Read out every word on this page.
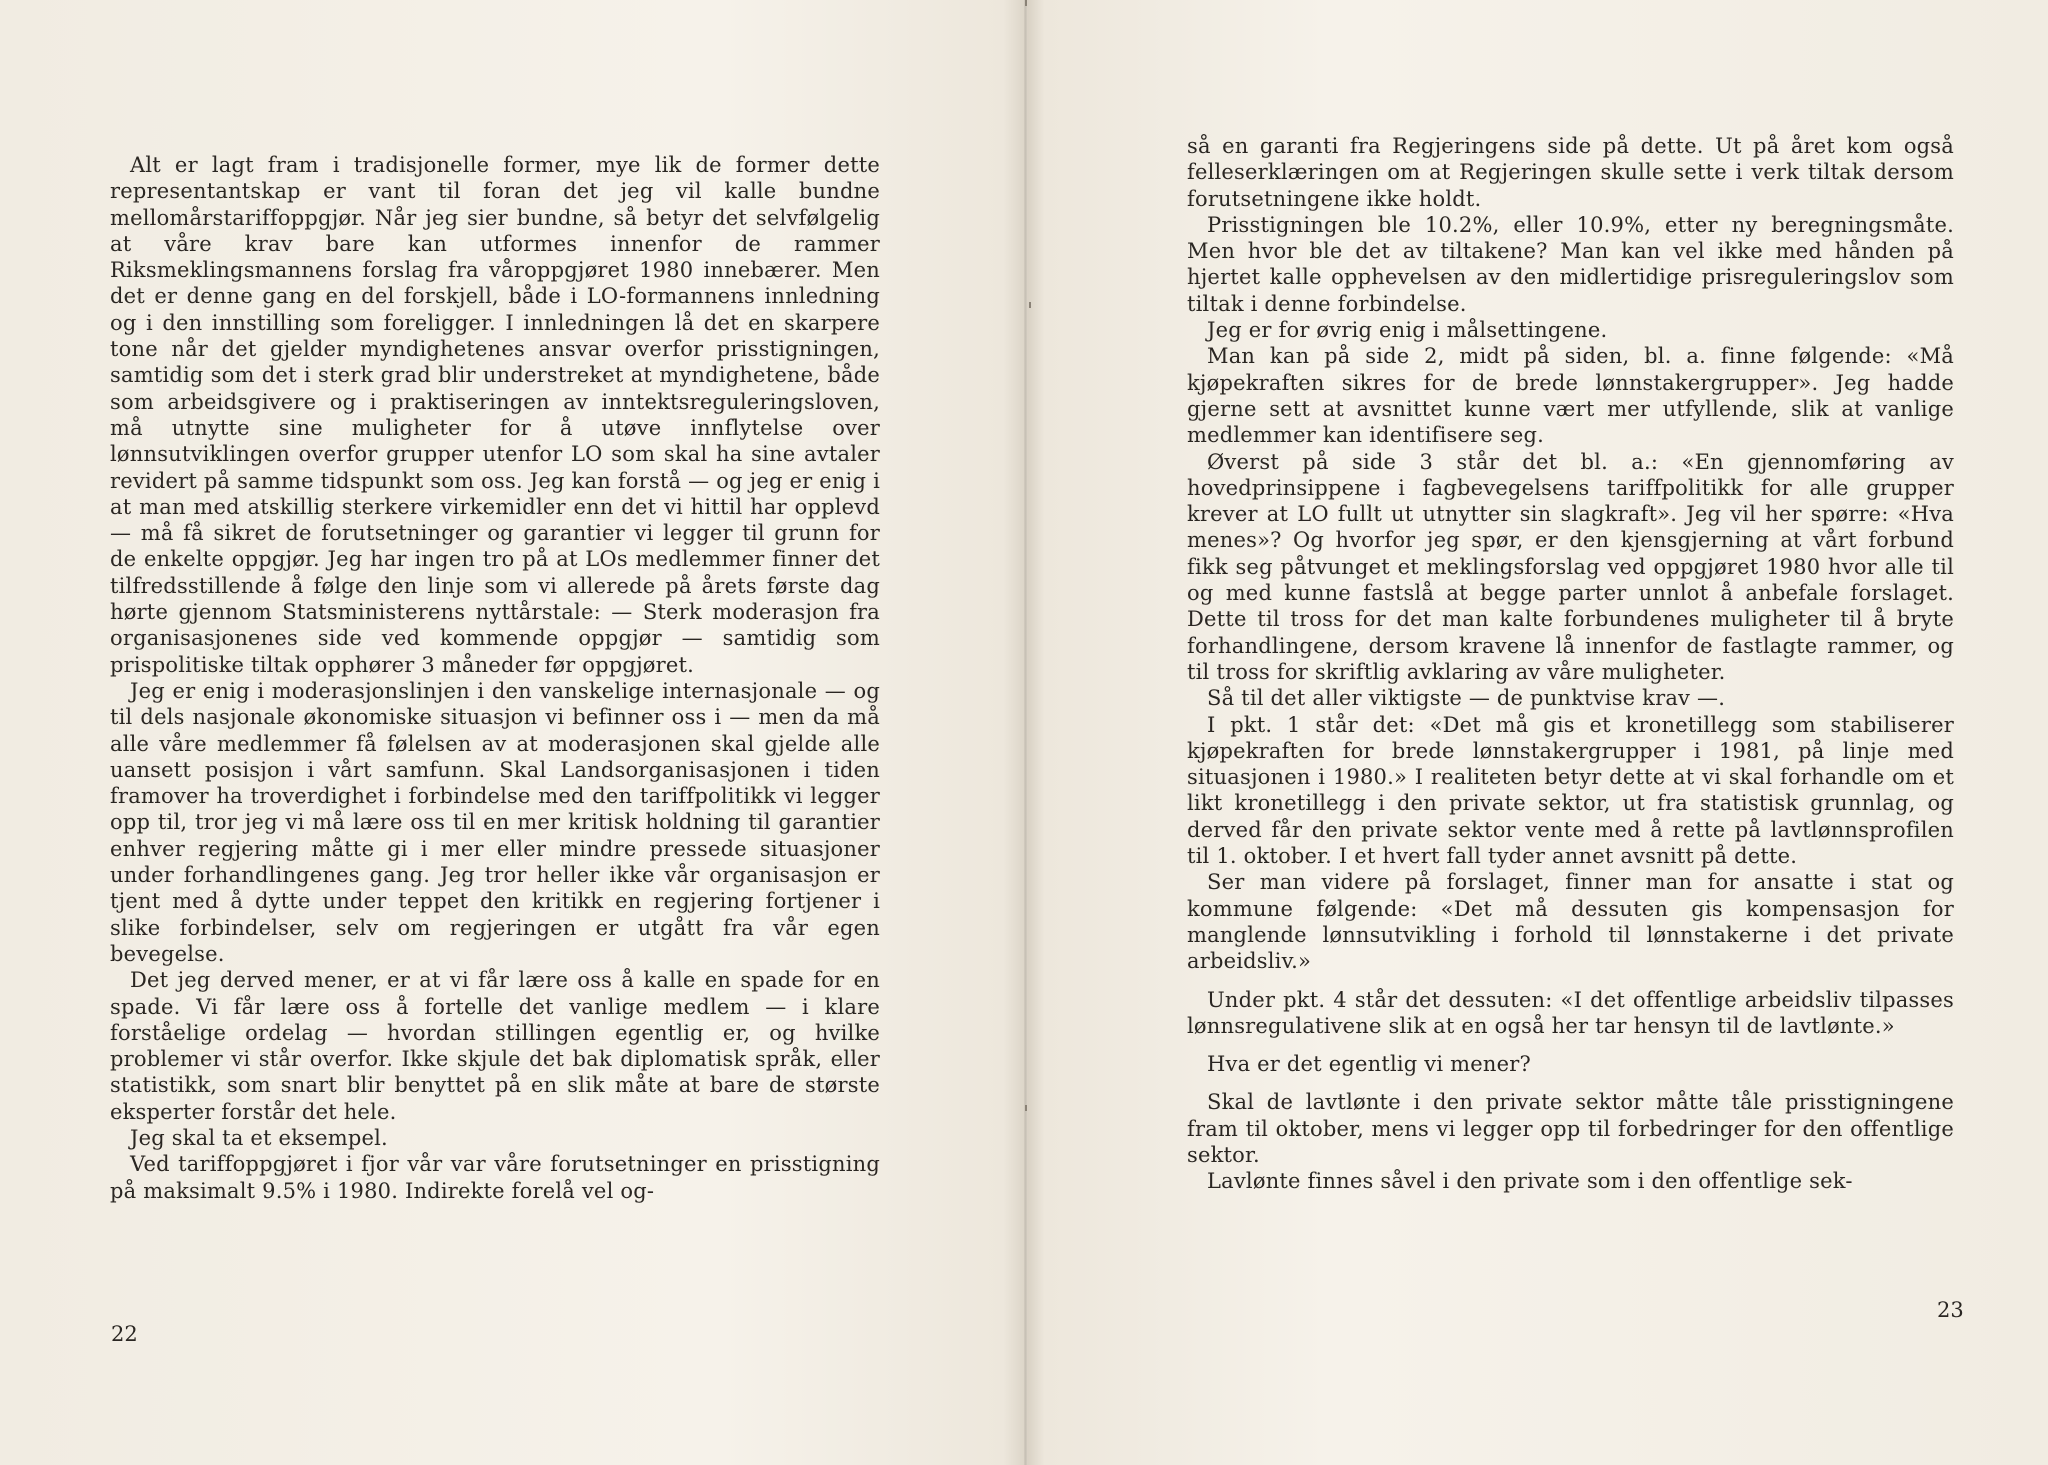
Alt er lagt fram i tradisjonelle former, mye lik de former dette representantskap er vant til foran det jeg vil kalle bundne mellomårstariffoppgjør. Når jeg sier bundne, så betyr det selvfølgelig at våre krav bare kan utformes innenfor de rammer Riksmeklingsmannens forslag fra våroppgjøret 1980 innebærer. Men det er denne gang en del forskjell, både i LO-formannens innledning og i den innstilling som foreligger. I innledningen lå det en skarpere tone når det gjelder myndighetenes ansvar overfor prisstigningen, samtidig som det i sterk grad blir understreket at myndighetene, både som arbeidsgivere og i praktiseringen av inntektsreguleringsloven, må utnytte sine muligheter for å utøve innflytelse over lønnsutviklingen overfor grupper utenfor LO som skal ha sine avtaler revidert på samme tidspunkt som oss. Jeg kan forstå — og jeg er enig i at man med atskillig sterkere virkemidler enn det vi hittil har opplevd — må få sikret de forutsetninger og garantier vi legger til grunn for de enkelte oppgjør. Jeg har ingen tro på at LOs medlemmer finner det tilfredsstillende å følge den linje som vi allerede på årets første dag hørte gjennom Statsministerens nyttårstale: — Sterk moderasjon fra organisasjonenes side ved kommende oppgjør — samtidig som prispolitiske tiltak opphører 3 måneder før oppgjøret.

Jeg er enig i moderasjonslinjen i den vanskelige internasjonale — og til dels nasjonale økonomiske situasjon vi befinner oss i — men da må alle våre medlemmer få følelsen av at moderasjonen skal gjelde alle uansett posisjon i vårt samfunn. Skal Landsorganisasjonen i tiden framover ha troverdighet i forbindelse med den tariffpolitikk vi legger opp til, tror jeg vi må lære oss til en mer kritisk holdning til garantier enhver regjering måtte gi i mer eller mindre pressede situasjoner under forhandlingenes gang. Jeg tror heller ikke vår organisasjon er tjent med å dytte under teppet den kritikk en regjering fortjener i slike forbindelser, selv om regjeringen er utgått fra vår egen bevegelse.

Det jeg derved mener, er at vi får lære oss å kalle en spade for en spade. Vi får lære oss å fortelle det vanlige medlem — i klare forståelige ordelag — hvordan stillingen egentlig er, og hvilke problemer vi står overfor. Ikke skjule det bak diplomatisk språk, eller statistikk, som snart blir benyttet på en slik måte at bare de største eksperter forstår det hele.

Jeg skal ta et eksempel.

Ved tariffoppgjøret i fjor vår var våre forutsetninger en prisstigning på maksimalt 9.5% i 1980. Indirekte forelå vel og-

22

så en garanti fra Regjeringens side på dette. Ut på året kom også felleserklæringen om at Regjeringen skulle sette i verk tiltak dersom forutsetningene ikke holdt.

Prisstigningen ble 10.2%, eller 10.9%, etter ny beregningsmåte. Men hvor ble det av tiltakene? Man kan vel ikke med hånden på hjertet kalle opphevelsen av den midlertidige prisreguleringslov som tiltak i denne forbindelse.

Jeg er for øvrig enig i målsettingene.

Man kan på side 2, midt på siden, bl. a. finne følgende: «Må kjøpekraften sikres for de brede lønnstakergrupper». Jeg hadde gjerne sett at avsnittet kunne vært mer utfyllende, slik at vanlige medlemmer kan identifisere seg.

Øverst på side 3 står det bl. a.: «En gjennomføring av hovedprinsippene i fagbevegelsens tariffpolitikk for alle grupper krever at LO fullt ut utnytter sin slagkraft». Jeg vil her spørre: «Hva menes»? Og hvorfor jeg spør, er den kjensgjerning at vårt forbund fikk seg påtvunget et meklingsforslag ved oppgjøret 1980 hvor alle til og med kunne fastslå at begge parter unnlot å anbefale forslaget. Dette til tross for det man kalte forbundenes muligheter til å bryte forhandlingene, dersom kravene lå innenfor de fastlagte rammer, og til tross for skriftlig avklaring av våre muligheter.

Så til det aller viktigste — de punktvise krav —.

I pkt. 1 står det: «Det må gis et kronetillegg som stabiliserer kjøpekraften for brede lønnstakergrupper i 1981, på linje med situasjonen i 1980.» I realiteten betyr dette at vi skal forhandle om et likt kronetillegg i den private sektor, ut fra statistisk grunnlag, og derved får den private sektor vente med å rette på lavtlønnsprofilen til 1. oktober. I et hvert fall tyder annet avsnitt på dette.

Ser man videre på forslaget, finner man for ansatte i stat og kommune følgende: «Det må dessuten gis kompensasjon for manglende lønnsutvikling i forhold til lønnstakerne i det private arbeidsliv.»

Under pkt. 4 står det dessuten: «I det offentlige arbeidsliv tilpasses lønnsregulativene slik at en også her tar hensyn til de lavtlønte.»

Hva er det egentlig vi mener?

Skal de lavtlønte i den private sektor måtte tåle prisstigningene fram til oktober, mens vi legger opp til forbedringer for den offentlige sektor.

Lavlønte finnes såvel i den private som i den offentlige sek-

23
